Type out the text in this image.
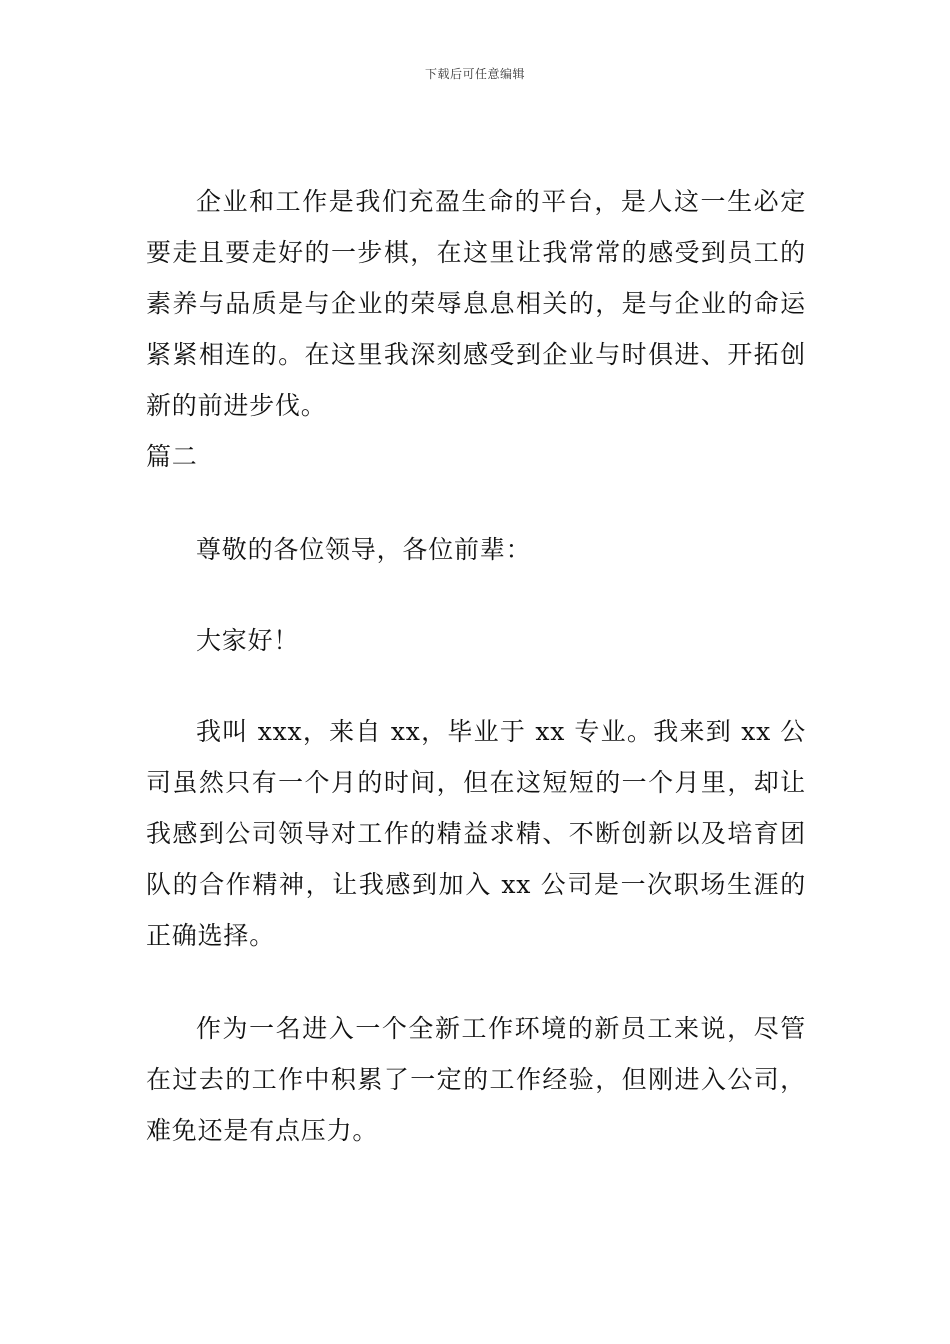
下载后可任意编辑

企业和工作是我们充盈生命的平台，是人这一生必定要走且要走好的一步棋，在这里让我常常的感受到员工的素养与品质是与企业的荣辱息息相关的，是与企业的命运紧紧相连的。在这里我深刻感受到企业与时俱进、开拓创新的前进步伐。

篇二

尊敬的各位领导，各位前辈：

大家好！

我叫 xxx，来自 xx，毕业于 xx 专业。我来到 xx 公司虽然只有一个月的时间，但在这短短的一个月里，却让我感到公司领导对工作的精益求精、不断创新以及培育团队的合作精神，让我感到加入 xx 公司是一次职场生涯的正确选择。

作为一名进入一个全新工作环境的新员工来说，尽管在过去的工作中积累了一定的工作经验，但刚进入公司，难免还是有点压力。
